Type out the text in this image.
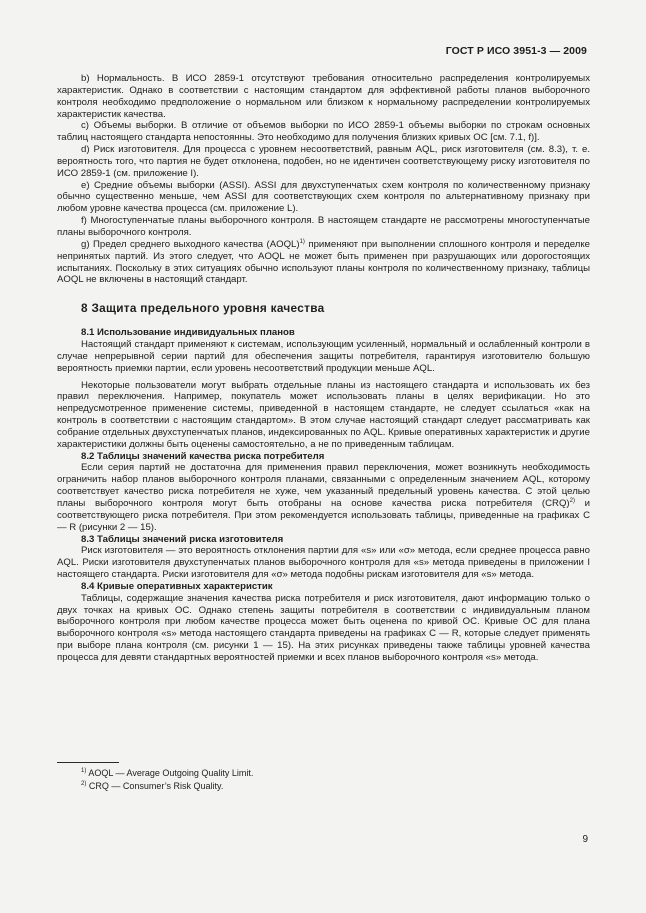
ГОСТ Р ИСО 3951-3 — 2009

b) Нормальность. В ИСО 2859-1 отсутствуют требования относительно распределения контролируемых характеристик. Однако в соответствии с настоящим стандартом для эффективной работы планов выборочного контроля необходимо предположение о нормальном или близком к нормальному распределении контролируемых характеристик качества.

с) Объемы выборки. В отличие от объемов выборки по ИСО 2859-1 объемы выборки по строкам основных таблиц настоящего стандарта непостоянны. Это необходимо для получения близких кривых ОС [см. 7.1, f)].

d) Риск изготовителя. Для процесса с уровнем несоответствий, равным AQL, риск изготовителя (см. 8.3), т. е. вероятность того, что партия не будет отклонена, подобен, но не идентичен соответствующему риску изготовителя по ИСО 2859-1 (см. приложение I).

е) Средние объемы выборки (ASSI). ASSI для двухступенчатых схем контроля по количественному признаку обычно существенно меньше, чем ASSI для соответствующих схем контроля по альтернативному признаку при любом уровне качества процесса (см. приложение L).

f) Многоступенчатые планы выборочного контроля. В настоящем стандарте не рассмотрены многоступенчатые планы выборочного контроля.

g) Предел среднего выходного качества (AOQL)$^{1)}$ применяют при выполнении сплошного контроля и переделке непринятых партий. Из этого следует, что AOQL не может быть применен при разрушающих или дорогостоящих испытаниях. Поскольку в этих ситуациях обычно используют планы контроля по количественному признаку, таблицы AOQL не включены в настоящий стандарт.

8 Защита предельного уровня качества
8.1 Использование индивидуальных планов

Настоящий стандарт применяют к системам, использующим усиленный, нормальный и ослабленный контроли в случае непрерывной серии партий для обеспечения защиты потребителя, гарантируя изготовителю большую вероятность приемки партии, если уровень несоответствий продукции меньше AQL.

Некоторые пользователи могут выбрать отдельные планы из настоящего стандарта и использовать их без правил переключения. Например, покупатель может использовать планы в целях верификации. Но это непредусмотренное применение системы, приведенной в настоящем стандарте, не следует ссылаться «как на контроль в соответствии с настоящим стандартом». В этом случае настоящий стандарт следует рассматривать как собрание отдельных двухступенчатых планов, индексированных по AQL. Кривые оперативных характеристик и другие характеристики должны быть оценены самостоятельно, а не по приведенным таблицам.

8.2 Таблицы значений качества риска потребителя

Если серия партий не достаточна для применения правил переключения, может возникнуть необходимость ограничить набор планов выборочного контроля планами, связанными с определенным значением AQL, которому соответствует качество риска потребителя не хуже, чем указанный предельный уровень качества. С этой целью планы выборочного контроля могут быть отобраны на основе качества риска потребителя (CRQ)$^{2)}$ и соответствующего риска потребителя. При этом рекомендуется использовать таблицы, приведенные на графиках С — R (рисунки 2 — 15).

8.3 Таблицы значений риска изготовителя

Риск изготовителя — это вероятность отклонения партии для «s» или «σ» метода, если среднее процесса равно AQL. Риски изготовителя двухступенчатых планов выборочного контроля для «s» метода приведены в приложении I настоящего стандарта. Риски изготовителя для «σ» метода подобны рискам изготовителя для «s» метода.

8.4 Кривые оперативных характеристик

Таблицы, содержащие значения качества риска потребителя и риск изготовителя, дают информацию только о двух точках на кривых ОС. Однако степень защиты потребителя в соответствии с индивидуальным планом выборочного контроля при любом качестве процесса может быть оценена по кривой ОС. Кривые ОС для плана выборочного контроля «s» метода настоящего стандарта приведены на графиках С — R, которые следует применять при выборе плана контроля (см. рисунки 1 — 15). На этих рисунках приведены также таблицы уровней качества процесса для девяти стандартных вероятностей приемки и всех планов выборочного контроля «s» метода.

$^{1)}$ AOQL — Average Outgoing Quality Limit.
$^{2)}$ CRQ — Consumer’s Risk Quality.
9
